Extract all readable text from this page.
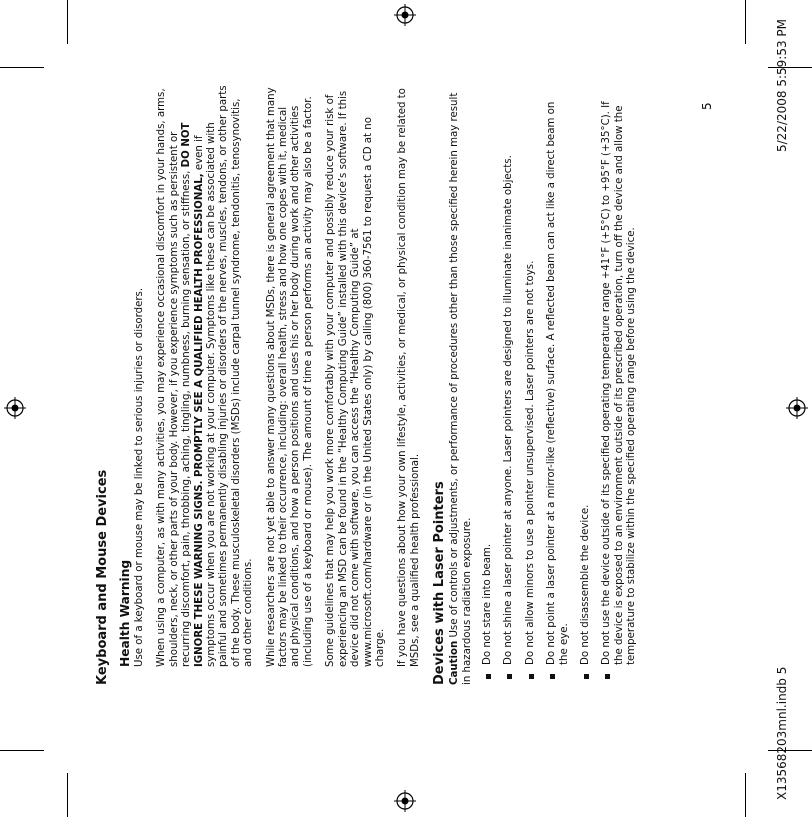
X13568203mnl.indb 5
5/22/2008 5:59:53 PM
5
Keyboard and Mouse Devices Health Warning Use of a keyboard or mouse may be linked to serious injuries or disorders. When using a computer, as with many activities, you may experience occasional discomfort in your hands, arms, shoulders, neck, or other parts of your body. However, if you experience symptoms such as persistent or recurring discomfort, pain, throbbing, aching, tingling, numbness, burning sensation, or stiffness, DO NOT IGNORE THESE WARNING SIGNS. PROMPTLY SEE A QUALIFIED HEALTH PROFESSIONAL, even if symptoms occur when you are not working at your computer. Symptoms like these can be associated with painful and sometimes permanently disabling injuries or disorders of the nerves, muscles, tendons, or other parts of the body. These musculoskeletal disorders (MSDs) include carpal tunnel syndrome, tendonitis, tenosynovitis, and other conditions. While researchers are not yet able to answer many questions about MSDs, there is general agreement that many factors may be linked to their occurrence, including: overall health, stress and how one copes with it, medical and physical conditions, and how a person positions and uses his or her body during work and other activities (including use of a keyboard or mouse). The amount of time a person performs an activity may also be a factor. Some guidelines that may help you work more comfortably with your computer and possibly reduce your risk of experiencing an MSD can be found in the “Healthy Computing Guide” installed with this device’s software. If this device did not come with software, you can access the “Healthy Computing Guide” at www.microsoft.com/hardware or (in the United States only) by calling (800) 360-7561 to request a CD at no charge. If you have questions about how your own lifestyle, activities, or medical, or physical condition may be related to MSDs, see a qualified health professional. Devices with Laser Pointers Caution Use of controls or adjustments, or performance of procedures other than those specified herein may result in hazardous radiation exposure. Do not stare into beam. Do not shine a laser pointer at anyone. Laser pointers are designed to illuminate inanimate objects. Do not allow minors to use a pointer unsupervised. Laser pointers are not toys. Do not point a laser pointer at a mirror-like (reflective) surface. A reflected beam can act like a direct beam on the eye. Do not disassemble the device. Do not use the device outside of its specified operating temperature range +41°F (+5°C) to +95°F (+35°C). If the device is exposed to an environment outside of its prescribed operation, turn off the device and allow the temperature to stabilize within the specified operating range before using the device.
